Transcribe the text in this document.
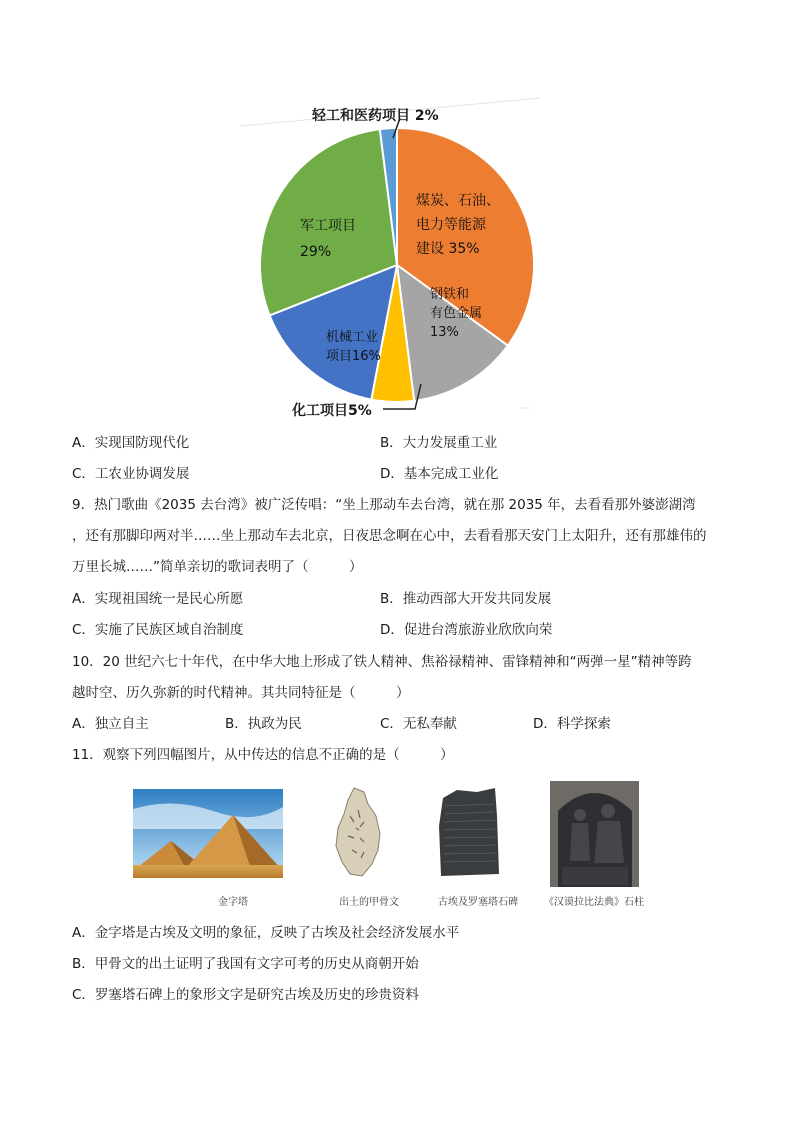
煤炭、石油、 电力等能源 建设 35%
钢铁和 有色金属 13%
化工项目5%
机械工业 项目16%
军工项目 29%
轻工和医药项目 2%
A．实现国防现代化	B．大力发展重工业
C．工农业协调发展	D．基本完成工业化
9．热门歌曲《2035 去台湾》被广泛传唱：“坐上那动车去台湾，就在那 2035 年，去看看那外婆澎湖湾
，还有那脚印两对半……坐上那动车去北京，日夜思念啊在心中，去看看那天安门上太阳升，还有那雄伟的
万里长城……”简单亲切的歌词表明了（　　　）
A．实现祖国统一是民心所愿	B．推动西部大开发共同发展
C．实施了民族区域自治制度	D．促进台湾旅游业欣欣向荣
10．20 世纪六七十年代，在中华大地上形成了铁人精神、焦裕禄精神、雷锋精神和“两弹一星”精神等跨
越时空、历久弥新的时代精神。其共同特征是（　　　）
A．独立自主	B．执政为民	C．无私奉献	D．科学探索
11．观察下列四幅图片，从中传达的信息不正确的是（　　　）
金字塔	出土的甲骨文	古埃及罗塞塔石碑	《汉谟拉比法典》石柱
A．金字塔是古埃及文明的象征，反映了古埃及社会经济发展水平
B．甲骨文的出土证明了我国有文字可考的历史从商朝开始
C．罗塞塔石碑上的象形文字是研究古埃及历史的珍贵资料
